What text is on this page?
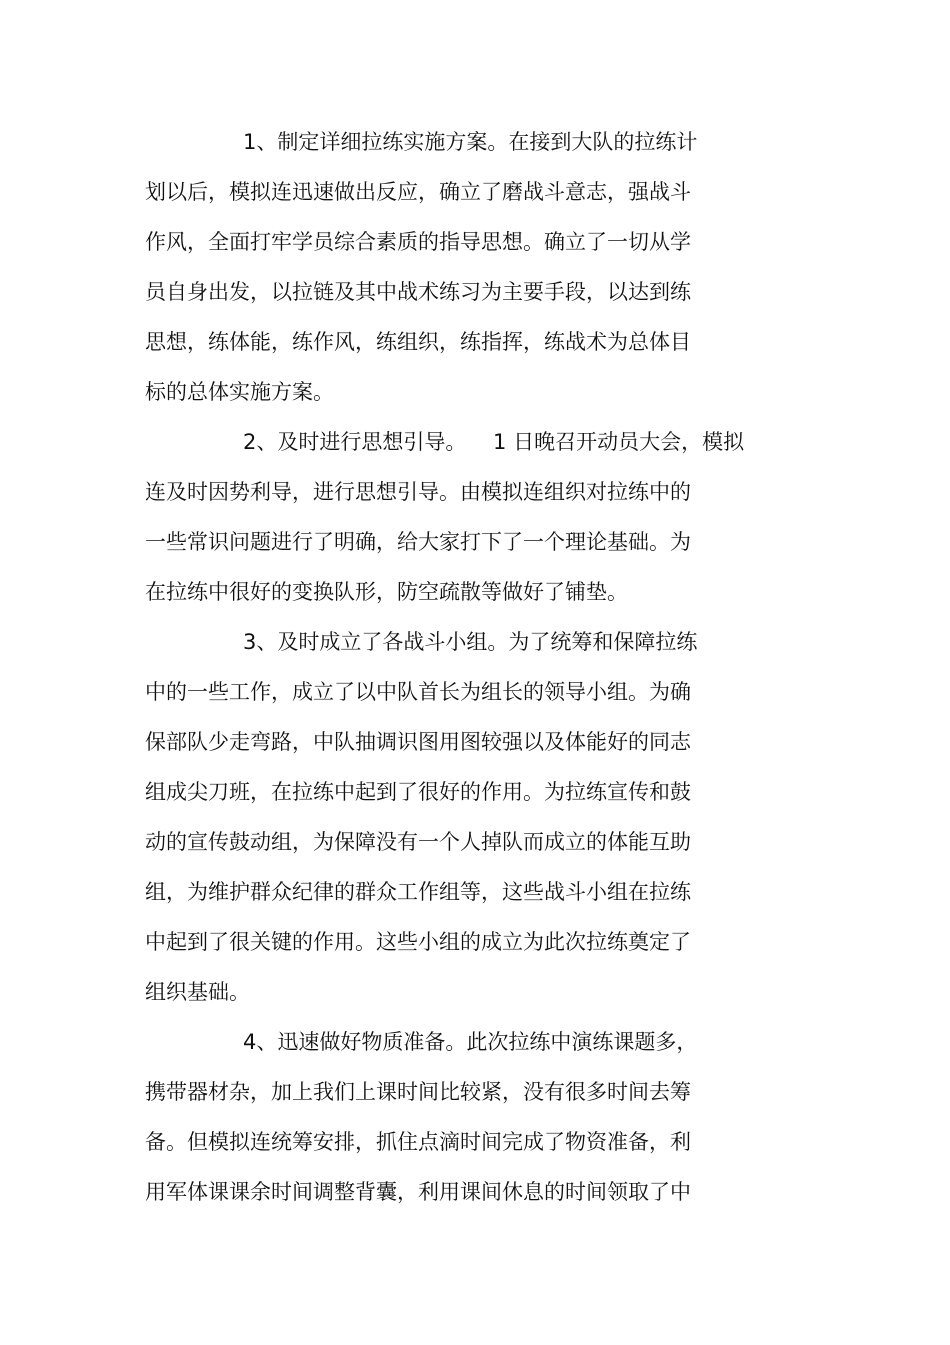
1、制定详细拉练实施方案。在接到大队的拉练计
划以后，模拟连迅速做出反应，确立了磨战斗意志，强战斗
作风，全面打牢学员综合素质的指导思想。确立了一切从学
员自身出发，以拉链及其中战术练习为主要手段，以达到练
思想，练体能，练作风，练组织，练指挥，练战术为总体目
标的总体实施方案。
2、及时进行思想引导。    1 日晚召开动员大会，模拟
连及时因势利导，进行思想引导。由模拟连组织对拉练中的
一些常识问题进行了明确，给大家打下了一个理论基础。为
在拉练中很好的变换队形，防空疏散等做好了铺垫。
3、及时成立了各战斗小组。为了统筹和保障拉练
中的一些工作，成立了以中队首长为组长的领导小组。为确
保部队少走弯路，中队抽调识图用图较强以及体能好的同志
组成尖刀班，在拉练中起到了很好的作用。为拉练宣传和鼓
动的宣传鼓动组，为保障没有一个人掉队而成立的体能互助
组，为维护群众纪律的群众工作组等，这些战斗小组在拉练
中起到了很关键的作用。这些小组的成立为此次拉练奠定了
组织基础。
4、迅速做好物质准备。此次拉练中演练课题多，
携带器材杂，加上我们上课时间比较紧，没有很多时间去筹
备。但模拟连统筹安排，抓住点滴时间完成了物资准备，利
用军体课课余时间调整背囊，利用课间休息的时间领取了中
